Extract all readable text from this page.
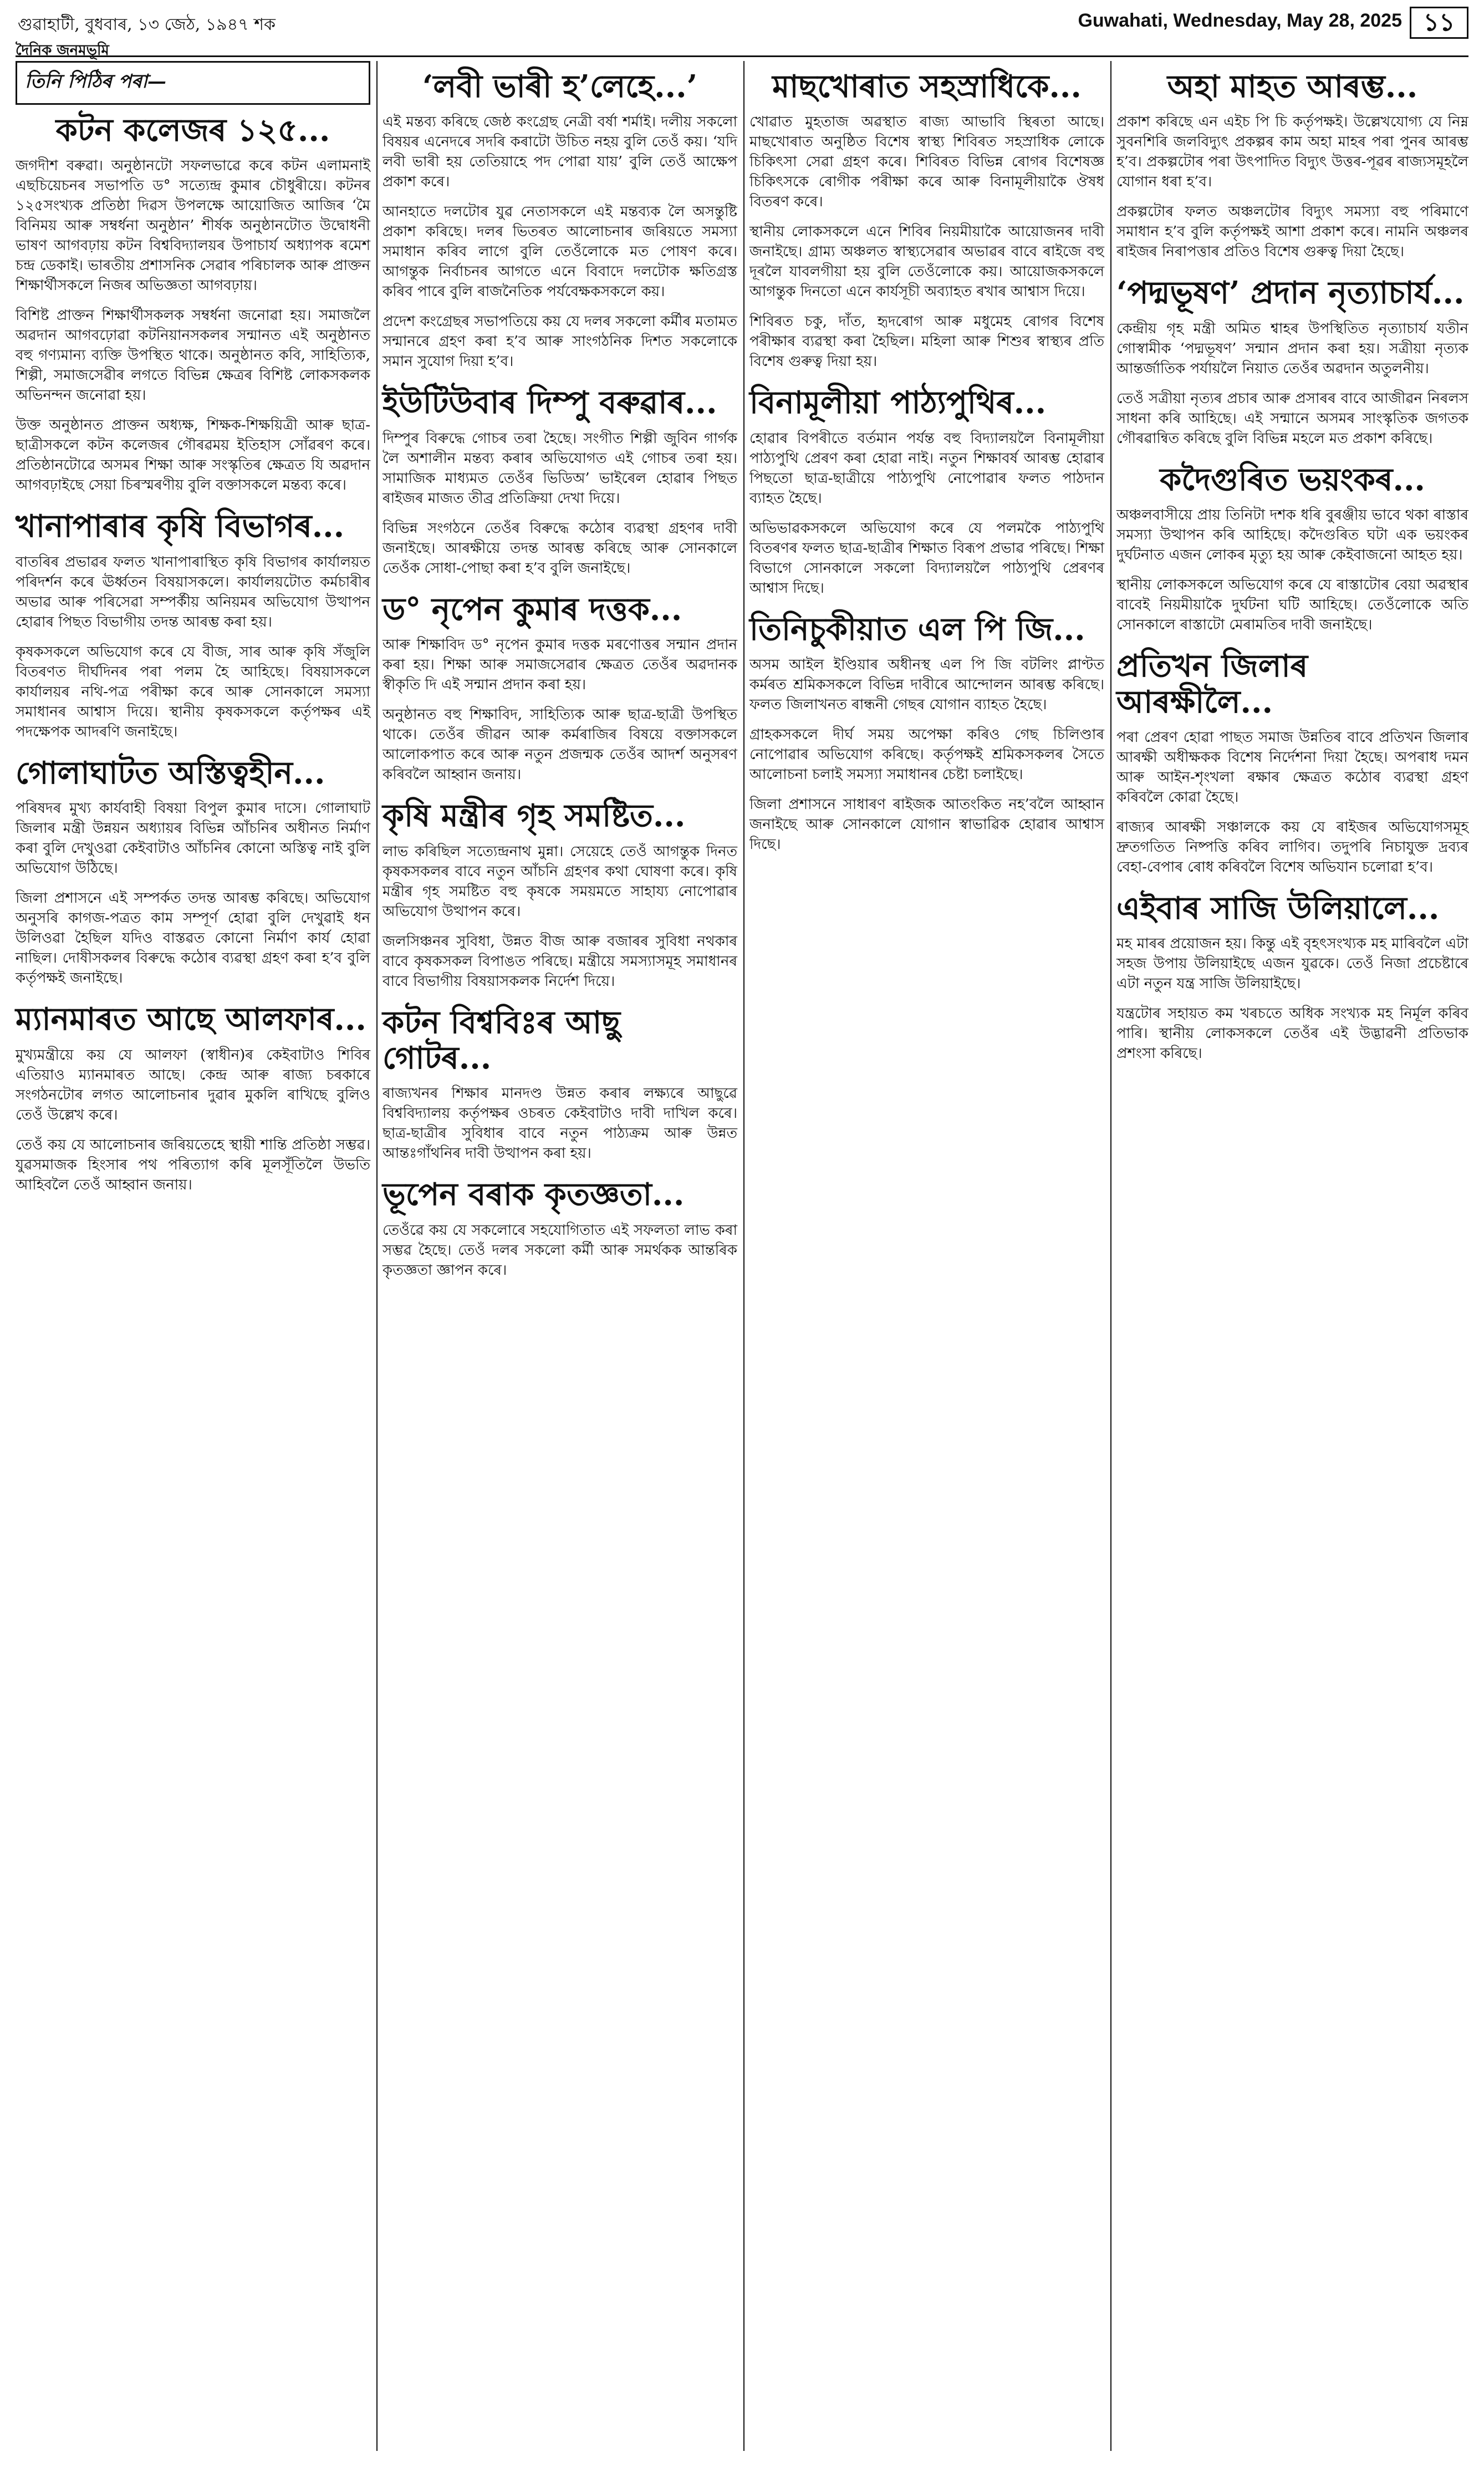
গুৱাহাটী, বুধবাৰ, ১৩ জেঠ, ১৯৪৭ শক	Guwahati, Wednesday, May 28, 2025 ১১
দৈনিক জনমভূমি
তিনি পিঠিৰ পৰা—
কটন কলেজৰ ১২৫...

জগদীশ বৰুৱা। অনুষ্ঠানটো সফলভাৱে কৰে কটন এলামনাই এছচিয়েচনৰ সভাপতি ড° সত্যেন্দ্ৰ কুমাৰ চৌধুৰীয়ে। কটনৰ ১২৫সংখ্যক প্ৰতিষ্ঠা দিৱস উপলক্ষে আয়োজিত আজিৰ ‘মৈ বিনিময় আৰু সম্বৰ্ধনা অনুষ্ঠান’ শীৰ্ষক অনুষ্ঠানটোত উদ্বোধনী ভাষণ আগবঢ়ায় কটন বিশ্ববিদ্যালয়ৰ উপাচাৰ্য অধ্যাপক ৰমেশ চন্দ্ৰ ডেকাই। ভাৰতীয় প্ৰশাসনিক সেৱাৰ পৰিচালক আৰু প্ৰাক্তন শিক্ষাৰ্থীসকলে নিজৰ অভিজ্ঞতা আগবঢ়ায়।

বিশিষ্ট প্ৰাক্তন শিক্ষাৰ্থীসকলক সম্বৰ্ধনা জনোৱা হয়। সমাজলৈ অৱদান আগবঢ়োৱা কটনিয়ানসকলৰ সন্মানত এই অনুষ্ঠানত বহু গণ্যমান্য ব্যক্তি উপস্থিত থাকে। অনুষ্ঠানত কবি, সাহিত্যিক, শিল্পী, সমাজসেৱীৰ লগতে বিভিন্ন ক্ষেত্ৰৰ বিশিষ্ট লোকসকলক অভিনন্দন জনোৱা হয়।

উক্ত অনুষ্ঠানত প্ৰাক্তন অধ্যক্ষ, শিক্ষক-শিক্ষয়িত্ৰী আৰু ছাত্ৰ-ছাত্ৰীসকলে কটন কলেজৰ গৌৰৱময় ইতিহাস সোঁৱৰণ কৰে। প্ৰতিষ্ঠানটোৱে অসমৰ শিক্ষা আৰু সংস্কৃতিৰ ক্ষেত্ৰত যি অৱদান আগবঢ়াইছে সেয়া চিৰস্মৰণীয় বুলি বক্তাসকলে মন্তব্য কৰে।

খানাপাৰাৰ কৃষি বিভাগৰ...

বাতৰিৰ প্ৰভাৱৰ ফলত খানাপাৰাস্থিত কৃষি বিভাগৰ কাৰ্যালয়ত পৰিদৰ্শন কৰে ঊৰ্ধ্বতন বিষয়াসকলে। কাৰ্যালয়টোত কৰ্মচাৰীৰ অভাৱ আৰু পৰিসেৱা সম্পৰ্কীয় অনিয়মৰ অভিযোগ উত্থাপন হোৱাৰ পিছত বিভাগীয় তদন্ত আৰম্ভ কৰা হয়।

কৃষকসকলে অভিযোগ কৰে যে বীজ, সাৰ আৰু কৃষি সঁজুলি বিতৰণত দীৰ্ঘদিনৰ পৰা পলম হৈ আহিছে। বিষয়াসকলে কাৰ্যালয়ৰ নথি-পত্ৰ পৰীক্ষা কৰে আৰু সোনকালে সমস্যা সমাধানৰ আশ্বাস দিয়ে। স্থানীয় কৃষকসকলে কৰ্তৃপক্ষৰ এই পদক্ষেপক আদৰণি জনাইছে।

গোলাঘাটত অস্তিত্বহীন...

পৰিষদৰ মুখ্য কাৰ্যবাহী বিষয়া বিপুল কুমাৰ দাসে। গোলাঘাট জিলাৰ মন্ত্ৰী উন্নয়ন অধ্যায়ৰ বিভিন্ন আঁচনিৰ অধীনত নিৰ্মাণ কৰা বুলি দেখুওৱা কেইবাটাও আঁচনিৰ কোনো অস্তিত্ব নাই বুলি অভিযোগ উঠিছে।

জিলা প্ৰশাসনে এই সম্পৰ্কত তদন্ত আৰম্ভ কৰিছে। অভিযোগ অনুসৰি কাগজ-পত্ৰত কাম সম্পূৰ্ণ হোৱা বুলি দেখুৱাই ধন উলিওৱা হৈছিল যদিও বাস্তৱত কোনো নিৰ্মাণ কাৰ্য হোৱা নাছিল। দোষীসকলৰ বিৰুদ্ধে কঠোৰ ব্যৱস্থা গ্ৰহণ কৰা হ’ব বুলি কৰ্তৃপক্ষই জনাইছে।

ম্যানমাৰত আছে আলফাৰ...

মুখ্যমন্ত্ৰীয়ে কয় যে আলফা (স্বাধীন)ৰ কেইবাটাও শিবিৰ এতিয়াও ম্যানমাৰত আছে। কেন্দ্ৰ আৰু ৰাজ্য চৰকাৰে সংগঠনটোৰ লগত আলোচনাৰ দুৱাৰ মুকলি ৰাখিছে বুলিও তেওঁ উল্লেখ কৰে।

তেওঁ কয় যে আলোচনাৰ জৰিয়তেহে স্থায়ী শান্তি প্ৰতিষ্ঠা সম্ভৱ। যুৱসমাজক হিংসাৰ পথ পৰিত্যাগ কৰি মূলসূঁতিলৈ উভতি আহিবলৈ তেওঁ আহ্বান জনায়।

‘লবী ভাৰী হ’লেহে...’

এই মন্তব্য কৰিছে জেষ্ঠ কংগ্ৰেছ নেত্ৰী বৰ্ষা শৰ্মাই। দলীয় সকলো বিষয়ৰ এনেদৰে সদৰি কৰাটো উচিত নহয় বুলি তেওঁ কয়। ‘যদি লবী ভাৰী হয় তেতিয়াহে পদ পোৱা যায়’ বুলি তেওঁ আক্ষেপ প্ৰকাশ কৰে।

আনহাতে দলটোৰ যুৱ নেতাসকলে এই মন্তব্যক লৈ অসন্তুষ্টি প্ৰকাশ কৰিছে। দলৰ ভিতৰত আলোচনাৰ জৰিয়তে সমস্যা সমাধান কৰিব লাগে বুলি তেওঁলোকে মত পোষণ কৰে। আগন্তুক নিৰ্বাচনৰ আগতে এনে বিবাদে দলটোক ক্ষতিগ্ৰস্ত কৰিব পাৰে বুলি ৰাজনৈতিক পৰ্যবেক্ষকসকলে কয়।

প্ৰদেশ কংগ্ৰেছৰ সভাপতিয়ে কয় যে দলৰ সকলো কৰ্মীৰ মতামত সন্মানৰে গ্ৰহণ কৰা হ’ব আৰু সাংগঠনিক দিশত সকলোকে সমান সুযোগ দিয়া হ’ব।

ইউটিউবাৰ দিম্পু বৰুৱাৰ...

দিম্পুৰ বিৰুদ্ধে গোচৰ তৰা হৈছে। সংগীত শিল্পী জুবিন গাৰ্গক লৈ অশালীন মন্তব্য কৰাৰ অভিযোগত এই গোচৰ তৰা হয়। সামাজিক মাধ্যমত তেওঁৰ ভিডিঅ’ ভাইৰেল হোৱাৰ পিছত ৰাইজৰ মাজত তীব্ৰ প্ৰতিক্ৰিয়া দেখা দিয়ে।

বিভিন্ন সংগঠনে তেওঁৰ বিৰুদ্ধে কঠোৰ ব্যৱস্থা গ্ৰহণৰ দাবী জনাইছে। আৰক্ষীয়ে তদন্ত আৰম্ভ কৰিছে আৰু সোনকালে তেওঁক সোধা-পোছা কৰা হ’ব বুলি জনাইছে।

ড° নৃপেন কুমাৰ দত্তক...

আৰু শিক্ষাবিদ ড° নৃপেন কুমাৰ দত্তক মৰণোত্তৰ সন্মান প্ৰদান কৰা হয়। শিক্ষা আৰু সমাজসেৱাৰ ক্ষেত্ৰত তেওঁৰ অৱদানক স্বীকৃতি দি এই সন্মান প্ৰদান কৰা হয়।

অনুষ্ঠানত বহু শিক্ষাবিদ, সাহিত্যিক আৰু ছাত্ৰ-ছাত্ৰী উপস্থিত থাকে। তেওঁৰ জীৱন আৰু কৰ্মৰাজিৰ বিষয়ে বক্তাসকলে আলোকপাত কৰে আৰু নতুন প্ৰজন্মক তেওঁৰ আদৰ্শ অনুসৰণ কৰিবলৈ আহ্বান জনায়।

কৃষি মন্ত্ৰীৰ গৃহ সমষ্টিত...

লাভ কৰিছিল সত্যেন্দ্ৰনাথ মুন্না। সেয়েহে তেওঁ আগন্তুক দিনত কৃষকসকলৰ বাবে নতুন আঁচনি গ্ৰহণৰ কথা ঘোষণা কৰে। কৃষি মন্ত্ৰীৰ গৃহ সমষ্টিত বহু কৃষকে সময়মতে সাহায্য নোপোৱাৰ অভিযোগ উত্থাপন কৰে।

জলসিঞ্চনৰ সুবিধা, উন্নত বীজ আৰু বজাৰৰ সুবিধা নথকাৰ বাবে কৃষকসকল বিপাঙত পৰিছে। মন্ত্ৰীয়ে সমস্যাসমূহ সমাধানৰ বাবে বিভাগীয় বিষয়াসকলক নিৰ্দেশ দিয়ে।

কটন বিশ্ববিঃৰ আছু গোটৰ...

ৰাজ্যখনৰ শিক্ষাৰ মানদণ্ড উন্নত কৰাৰ লক্ষ্যৰে আছুৱে বিশ্ববিদ্যালয় কৰ্তৃপক্ষৰ ওচৰত কেইবাটাও দাবী দাখিল কৰে। ছাত্ৰ-ছাত্ৰীৰ সুবিধাৰ বাবে নতুন পাঠ্যক্ৰম আৰু উন্নত আন্তঃগাঁথনিৰ দাবী উত্থাপন কৰা হয়।

ভূপেন বৰাক কৃতজ্ঞতা...

তেওঁৱে কয় যে সকলোৰে সহযোগিতাত এই সফলতা লাভ কৰা সম্ভৱ হৈছে। তেওঁ দলৰ সকলো কৰ্মী আৰু সমৰ্থকক আন্তৰিক কৃতজ্ঞতা জ্ঞাপন কৰে।

মাছখোৰাত সহস্ৰাধিকে...

খোৱাত মুহতাজ অৱস্থাত ৰাজ্য আভাবি স্থিৰতা আছে। মাছখোৰাত অনুষ্ঠিত বিশেষ স্বাস্থ্য শিবিৰত সহস্ৰাধিক লোকে চিকিৎসা সেৱা গ্ৰহণ কৰে। শিবিৰত বিভিন্ন ৰোগৰ বিশেষজ্ঞ চিকিৎসকে ৰোগীক পৰীক্ষা কৰে আৰু বিনামূলীয়াকৈ ঔষধ বিতৰণ কৰে।

স্থানীয় লোকসকলে এনে শিবিৰ নিয়মীয়াকৈ আয়োজনৰ দাবী জনাইছে। গ্ৰাম্য অঞ্চলত স্বাস্থ্যসেৱাৰ অভাৱৰ বাবে ৰাইজে বহু দূৰলৈ যাবলগীয়া হয় বুলি তেওঁলোকে কয়। আয়োজকসকলে আগন্তুক দিনতো এনে কাৰ্যসূচী অব্যাহত ৰখাৰ আশ্বাস দিয়ে।

শিবিৰত চকু, দাঁত, হৃদৰোগ আৰু মধুমেহ ৰোগৰ বিশেষ পৰীক্ষাৰ ব্যৱস্থা কৰা হৈছিল। মহিলা আৰু শিশুৰ স্বাস্থ্যৰ প্ৰতি বিশেষ গুৰুত্ব দিয়া হয়।

বিনামূলীয়া পাঠ্যপুথিৰ...

হোৱাৰ বিপৰীতে বৰ্তমান পৰ্যন্ত বহু বিদ্যালয়লৈ বিনামূলীয়া পাঠ্যপুথি প্ৰেৰণ কৰা হোৱা নাই। নতুন শিক্ষাবৰ্ষ আৰম্ভ হোৱাৰ পিছতো ছাত্ৰ-ছাত্ৰীয়ে পাঠ্যপুথি নোপোৱাৰ ফলত পাঠদান ব্যাহত হৈছে।

অভিভাৱকসকলে অভিযোগ কৰে যে পলমকৈ পাঠ্যপুথি বিতৰণৰ ফলত ছাত্ৰ-ছাত্ৰীৰ শিক্ষাত বিৰূপ প্ৰভাৱ পৰিছে। শিক্ষা বিভাগে সোনকালে সকলো বিদ্যালয়লৈ পাঠ্যপুথি প্ৰেৰণৰ আশ্বাস দিছে।

তিনিচুকীয়াত এল পি জি...

অসম আইল ইণ্ডিয়াৰ অধীনস্থ এল পি জি বটলিং প্লাণ্টত কৰ্মৰত শ্ৰমিকসকলে বিভিন্ন দাবীৰে আন্দোলন আৰম্ভ কৰিছে। ফলত জিলাখনত ৰান্ধনী গেছৰ যোগান ব্যাহত হৈছে।

গ্ৰাহকসকলে দীৰ্ঘ সময় অপেক্ষা কৰিও গেছ চিলিণ্ডাৰ নোপোৱাৰ অভিযোগ কৰিছে। কৰ্তৃপক্ষই শ্ৰমিকসকলৰ সৈতে আলোচনা চলাই সমস্যা সমাধানৰ চেষ্টা চলাইছে।

জিলা প্ৰশাসনে সাধাৰণ ৰাইজক আতংকিত নহ’বলৈ আহ্বান জনাইছে আৰু সোনকালে যোগান স্বাভাৱিক হোৱাৰ আশ্বাস দিছে।

অহা মাহত আৰম্ভ...

প্ৰকাশ কৰিছে এন এইচ পি চি কৰ্তৃপক্ষই। উল্লেখযোগ্য যে নিম্ন সুবনশিৰি জলবিদ্যুৎ প্ৰকল্পৰ কাম অহা মাহৰ পৰা পুনৰ আৰম্ভ হ’ব। প্ৰকল্পটোৰ পৰা উৎপাদিত বিদ্যুৎ উত্তৰ-পূৱৰ ৰাজ্যসমূহলৈ যোগান ধৰা হ’ব।

প্ৰকল্পটোৰ ফলত অঞ্চলটোৰ বিদ্যুৎ সমস্যা বহু পৰিমাণে সমাধান হ’ব বুলি কৰ্তৃপক্ষই আশা প্ৰকাশ কৰে। নামনি অঞ্চলৰ ৰাইজৰ নিৰাপত্তাৰ প্ৰতিও বিশেষ গুৰুত্ব দিয়া হৈছে।

‘পদ্মভূষণ’ প্ৰদান নৃত্যাচাৰ্য...

কেন্দ্ৰীয় গৃহ মন্ত্ৰী অমিত শ্বাহৰ উপস্থিতিত নৃত্যাচাৰ্য যতীন গোস্বামীক ‘পদ্মভূষণ’ সন্মান প্ৰদান কৰা হয়। সত্ৰীয়া নৃত্যক আন্তৰ্জাতিক পৰ্যায়লৈ নিয়াত তেওঁৰ অৱদান অতুলনীয়।

তেওঁ সত্ৰীয়া নৃত্যৰ প্ৰচাৰ আৰু প্ৰসাৰৰ বাবে আজীৱন নিৰলস সাধনা কৰি আহিছে। এই সন্মানে অসমৰ সাংস্কৃতিক জগতক গৌৰৱান্বিত কৰিছে বুলি বিভিন্ন মহলে মত প্ৰকাশ কৰিছে।

কদৈগুৰিত ভয়ংকৰ...

অঞ্চলবাসীয়ে প্ৰায় তিনিটা দশক ধৰি বুৰঞ্জীয় ভাবে থকা ৰাস্তাৰ সমস্যা উত্থাপন কৰি আহিছে। কদৈগুৰিত ঘটা এক ভয়ংকৰ দুৰ্ঘটনাত এজন লোকৰ মৃত্যু হয় আৰু কেইবাজনো আহত হয়।

স্থানীয় লোকসকলে অভিযোগ কৰে যে ৰাস্তাটোৰ বেয়া অৱস্থাৰ বাবেই নিয়মীয়াকৈ দুৰ্ঘটনা ঘটি আহিছে। তেওঁলোকে অতি সোনকালে ৰাস্তাটো মেৰামতিৰ দাবী জনাইছে।

প্ৰতিখন জিলাৰ আৰক্ষীলৈ...

পৰা প্ৰেৰণ হোৱা পাছত সমাজ উন্নতিৰ বাবে প্ৰতিখন জিলাৰ আৰক্ষী অধীক্ষকক বিশেষ নিৰ্দেশনা দিয়া হৈছে। অপৰাধ দমন আৰু আইন-শৃংখলা ৰক্ষাৰ ক্ষেত্ৰত কঠোৰ ব্যৱস্থা গ্ৰহণ কৰিবলৈ কোৱা হৈছে।

ৰাজ্যৰ আৰক্ষী সঞ্চালকে কয় যে ৰাইজৰ অভিযোগসমূহ দ্ৰুতগতিত নিষ্পত্তি কৰিব লাগিব। তদুপৰি নিচাযুক্ত দ্ৰব্যৰ বেহা-বেপাৰ ৰোধ কৰিবলৈ বিশেষ অভিযান চলোৱা হ’ব।

এইবাৰ সাজি উলিয়ালে...

মহ মাৰৰ প্ৰয়োজন হয়। কিন্তু এই বৃহৎসংখ্যক মহ মাৰিবলৈ এটা সহজ উপায় উলিয়াইছে এজন যুৱকে। তেওঁ নিজা প্ৰচেষ্টাৰে এটা নতুন যন্ত্ৰ সাজি উলিয়াইছে।

যন্ত্ৰটোৰ সহায়ত কম খৰচতে অধিক সংখ্যক মহ নিৰ্মূল কৰিব পাৰি। স্থানীয় লোকসকলে তেওঁৰ এই উদ্ভাৱনী প্ৰতিভাক প্ৰশংসা কৰিছে।
